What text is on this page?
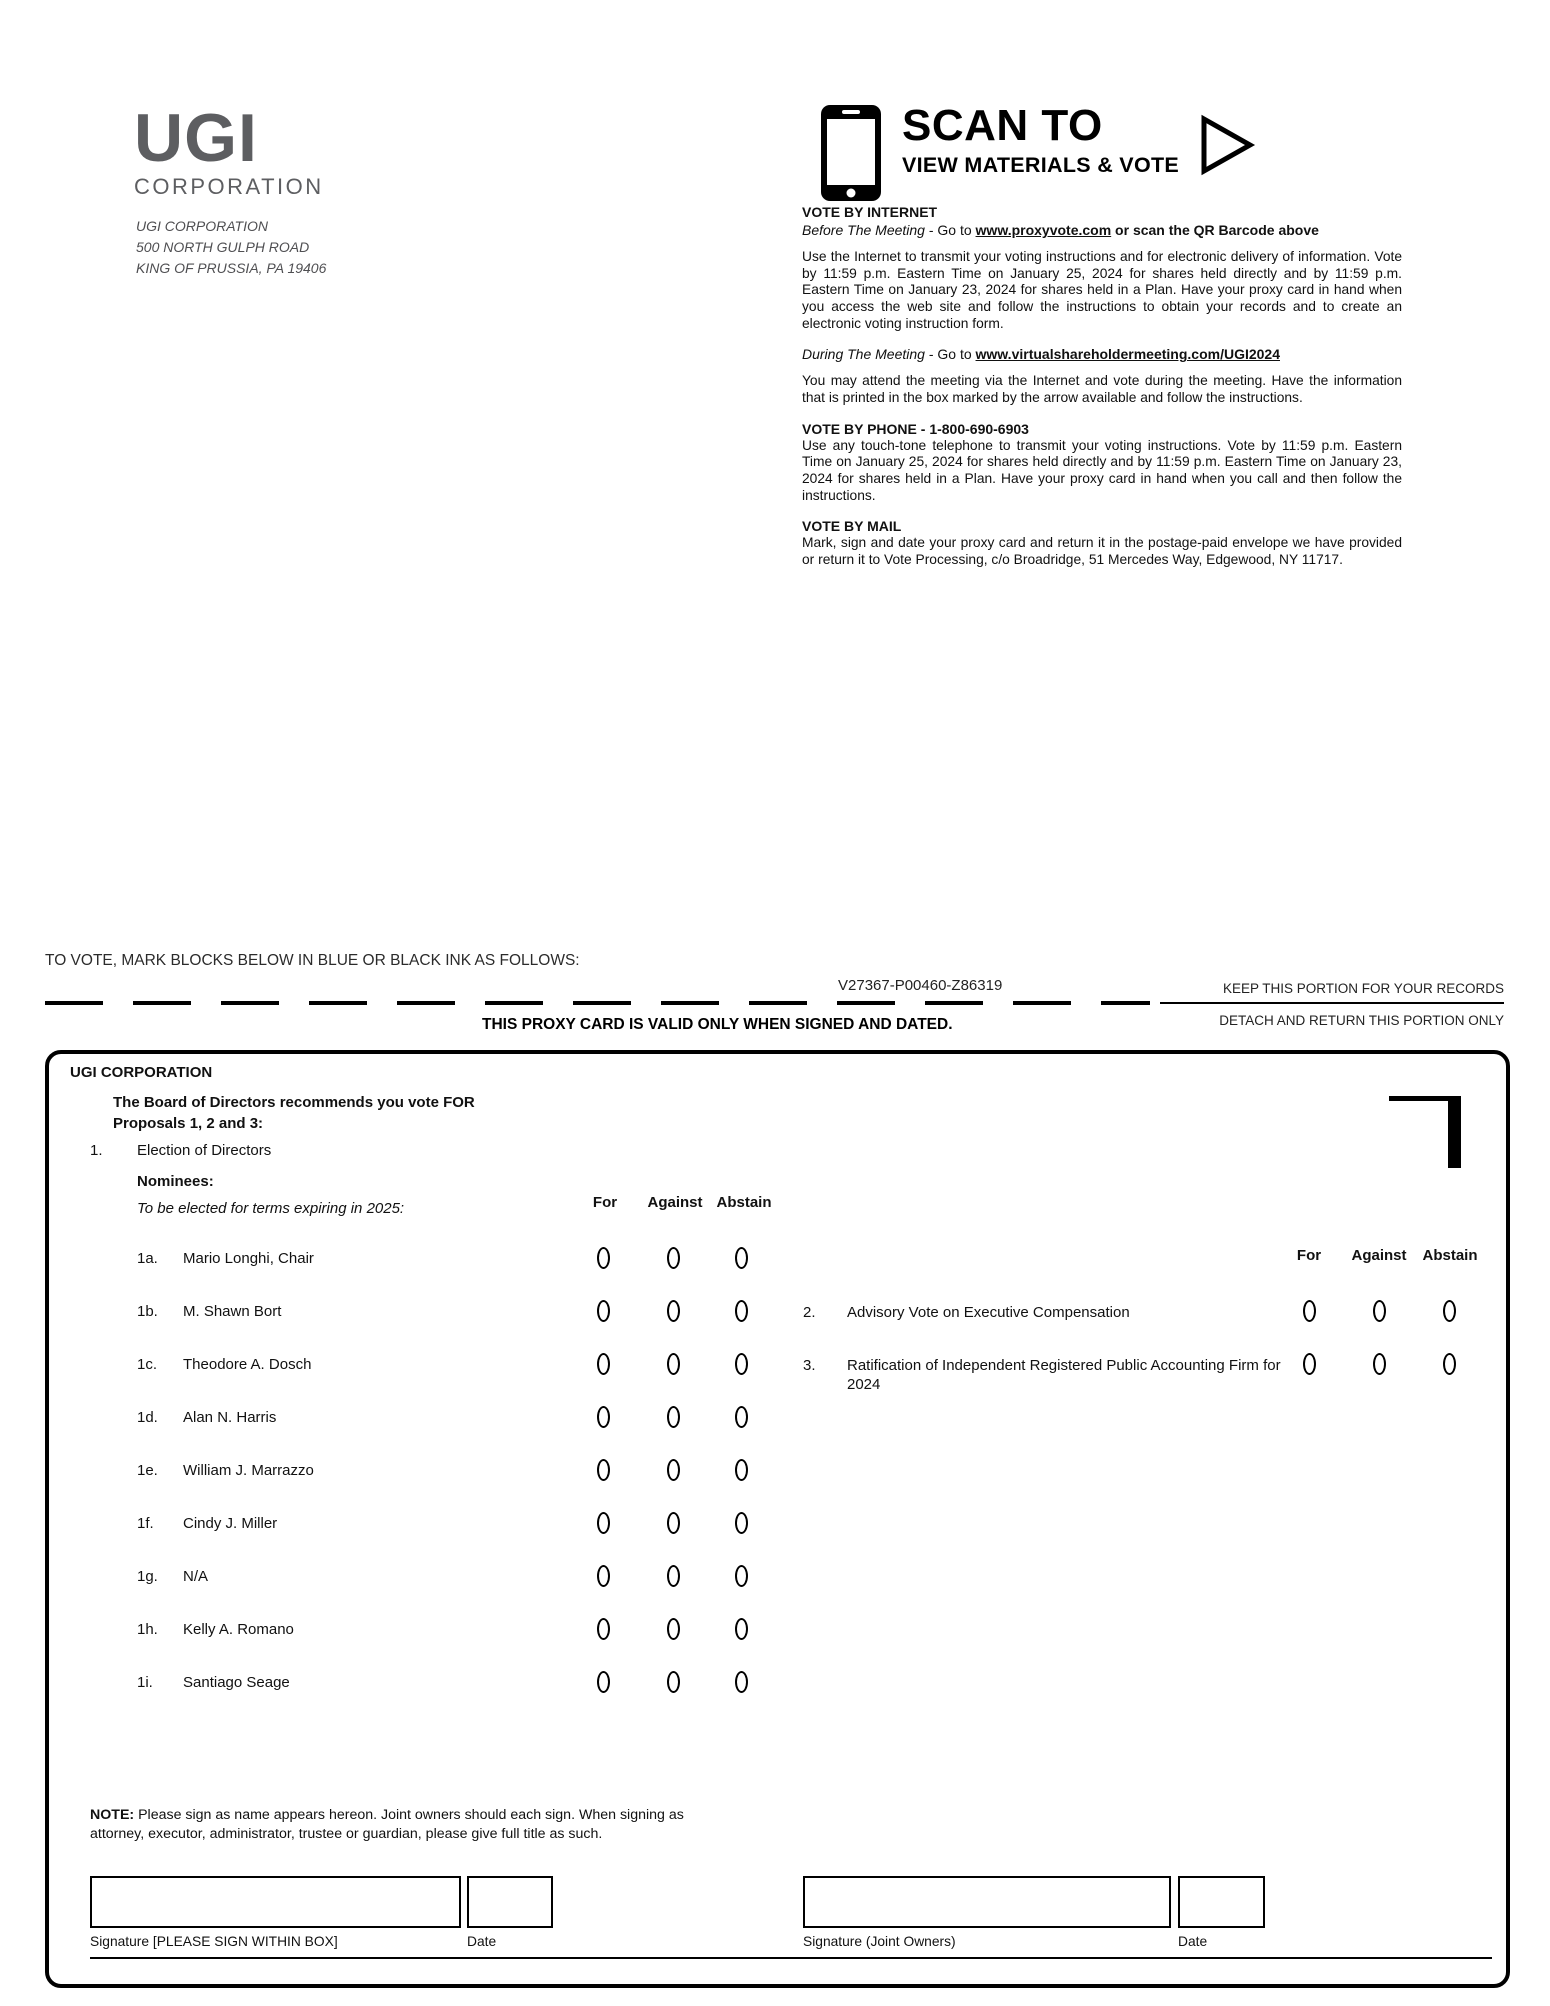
UGI
CORPORATION
UGI CORPORATION
500 NORTH GULPH ROAD
KING OF PRUSSIA, PA 19406
SCAN TO
VIEW MATERIALS & VOTE
VOTE BY INTERNET
Before The Meeting - Go to www.proxyvote.com or scan the QR Barcode above

Use the Internet to transmit your voting instructions and for electronic delivery of information. Vote by 11:59 p.m. Eastern Time on January 25, 2024 for shares held directly and by 11:59 p.m. Eastern Time on January 23, 2024 for shares held in a Plan. Have your proxy card in hand when you access the web site and follow the instructions to obtain your records and to create an electronic voting instruction form.

During The Meeting - Go to www.virtualshareholdermeeting.com/UGI2024

You may attend the meeting via the Internet and vote during the meeting. Have the information that is printed in the box marked by the arrow available and follow the instructions.

VOTE BY PHONE - 1-800-690-6903

Use any touch-tone telephone to transmit your voting instructions. Vote by 11:59 p.m. Eastern Time on January 25, 2024 for shares held directly and by 11:59 p.m. Eastern Time on January 23, 2024 for shares held in a Plan. Have your proxy card in hand when you call and then follow the instructions.

VOTE BY MAIL

Mark, sign and date your proxy card and return it in the postage-paid envelope we have provided or return it to Vote Processing, c/o Broadridge, 51 Mercedes Way, Edgewood, NY 11717.

TO VOTE, MARK BLOCKS BELOW IN BLUE OR BLACK INK AS FOLLOWS:
V27367-P00460-Z86319	KEEP THIS PORTION FOR YOUR RECORDS
THIS PROXY CARD IS VALID ONLY WHEN SIGNED AND DATED.	DETACH AND RETURN THIS PORTION ONLY
UGI CORPORATION
The Board of Directors recommends you vote FOR
Proposals 1, 2 and 3:
1. Election of Directors
Nominees:
To be elected for terms expiring in 2025:	For Against Abstain
1a. Mario Longhi, Chair
1b. M. Shawn Bort
1c. Theodore A. Dosch
1d. Alan N. Harris
1e. William J. Marrazzo
1f. Cindy J. Miller
1g. N/A
1h. Kelly A. Romano
1i. Santiago Seage
For Against Abstain
2. Advisory Vote on Executive Compensation
3. Ratification of Independent Registered Public Accounting Firm for 2024
NOTE: Please sign as name appears hereon. Joint owners should each sign. When signing as attorney, executor, administrator, trustee or guardian, please give full title as such.
Signature [PLEASE SIGN WITHIN BOX]	Date	Signature (Joint Owners)	Date
